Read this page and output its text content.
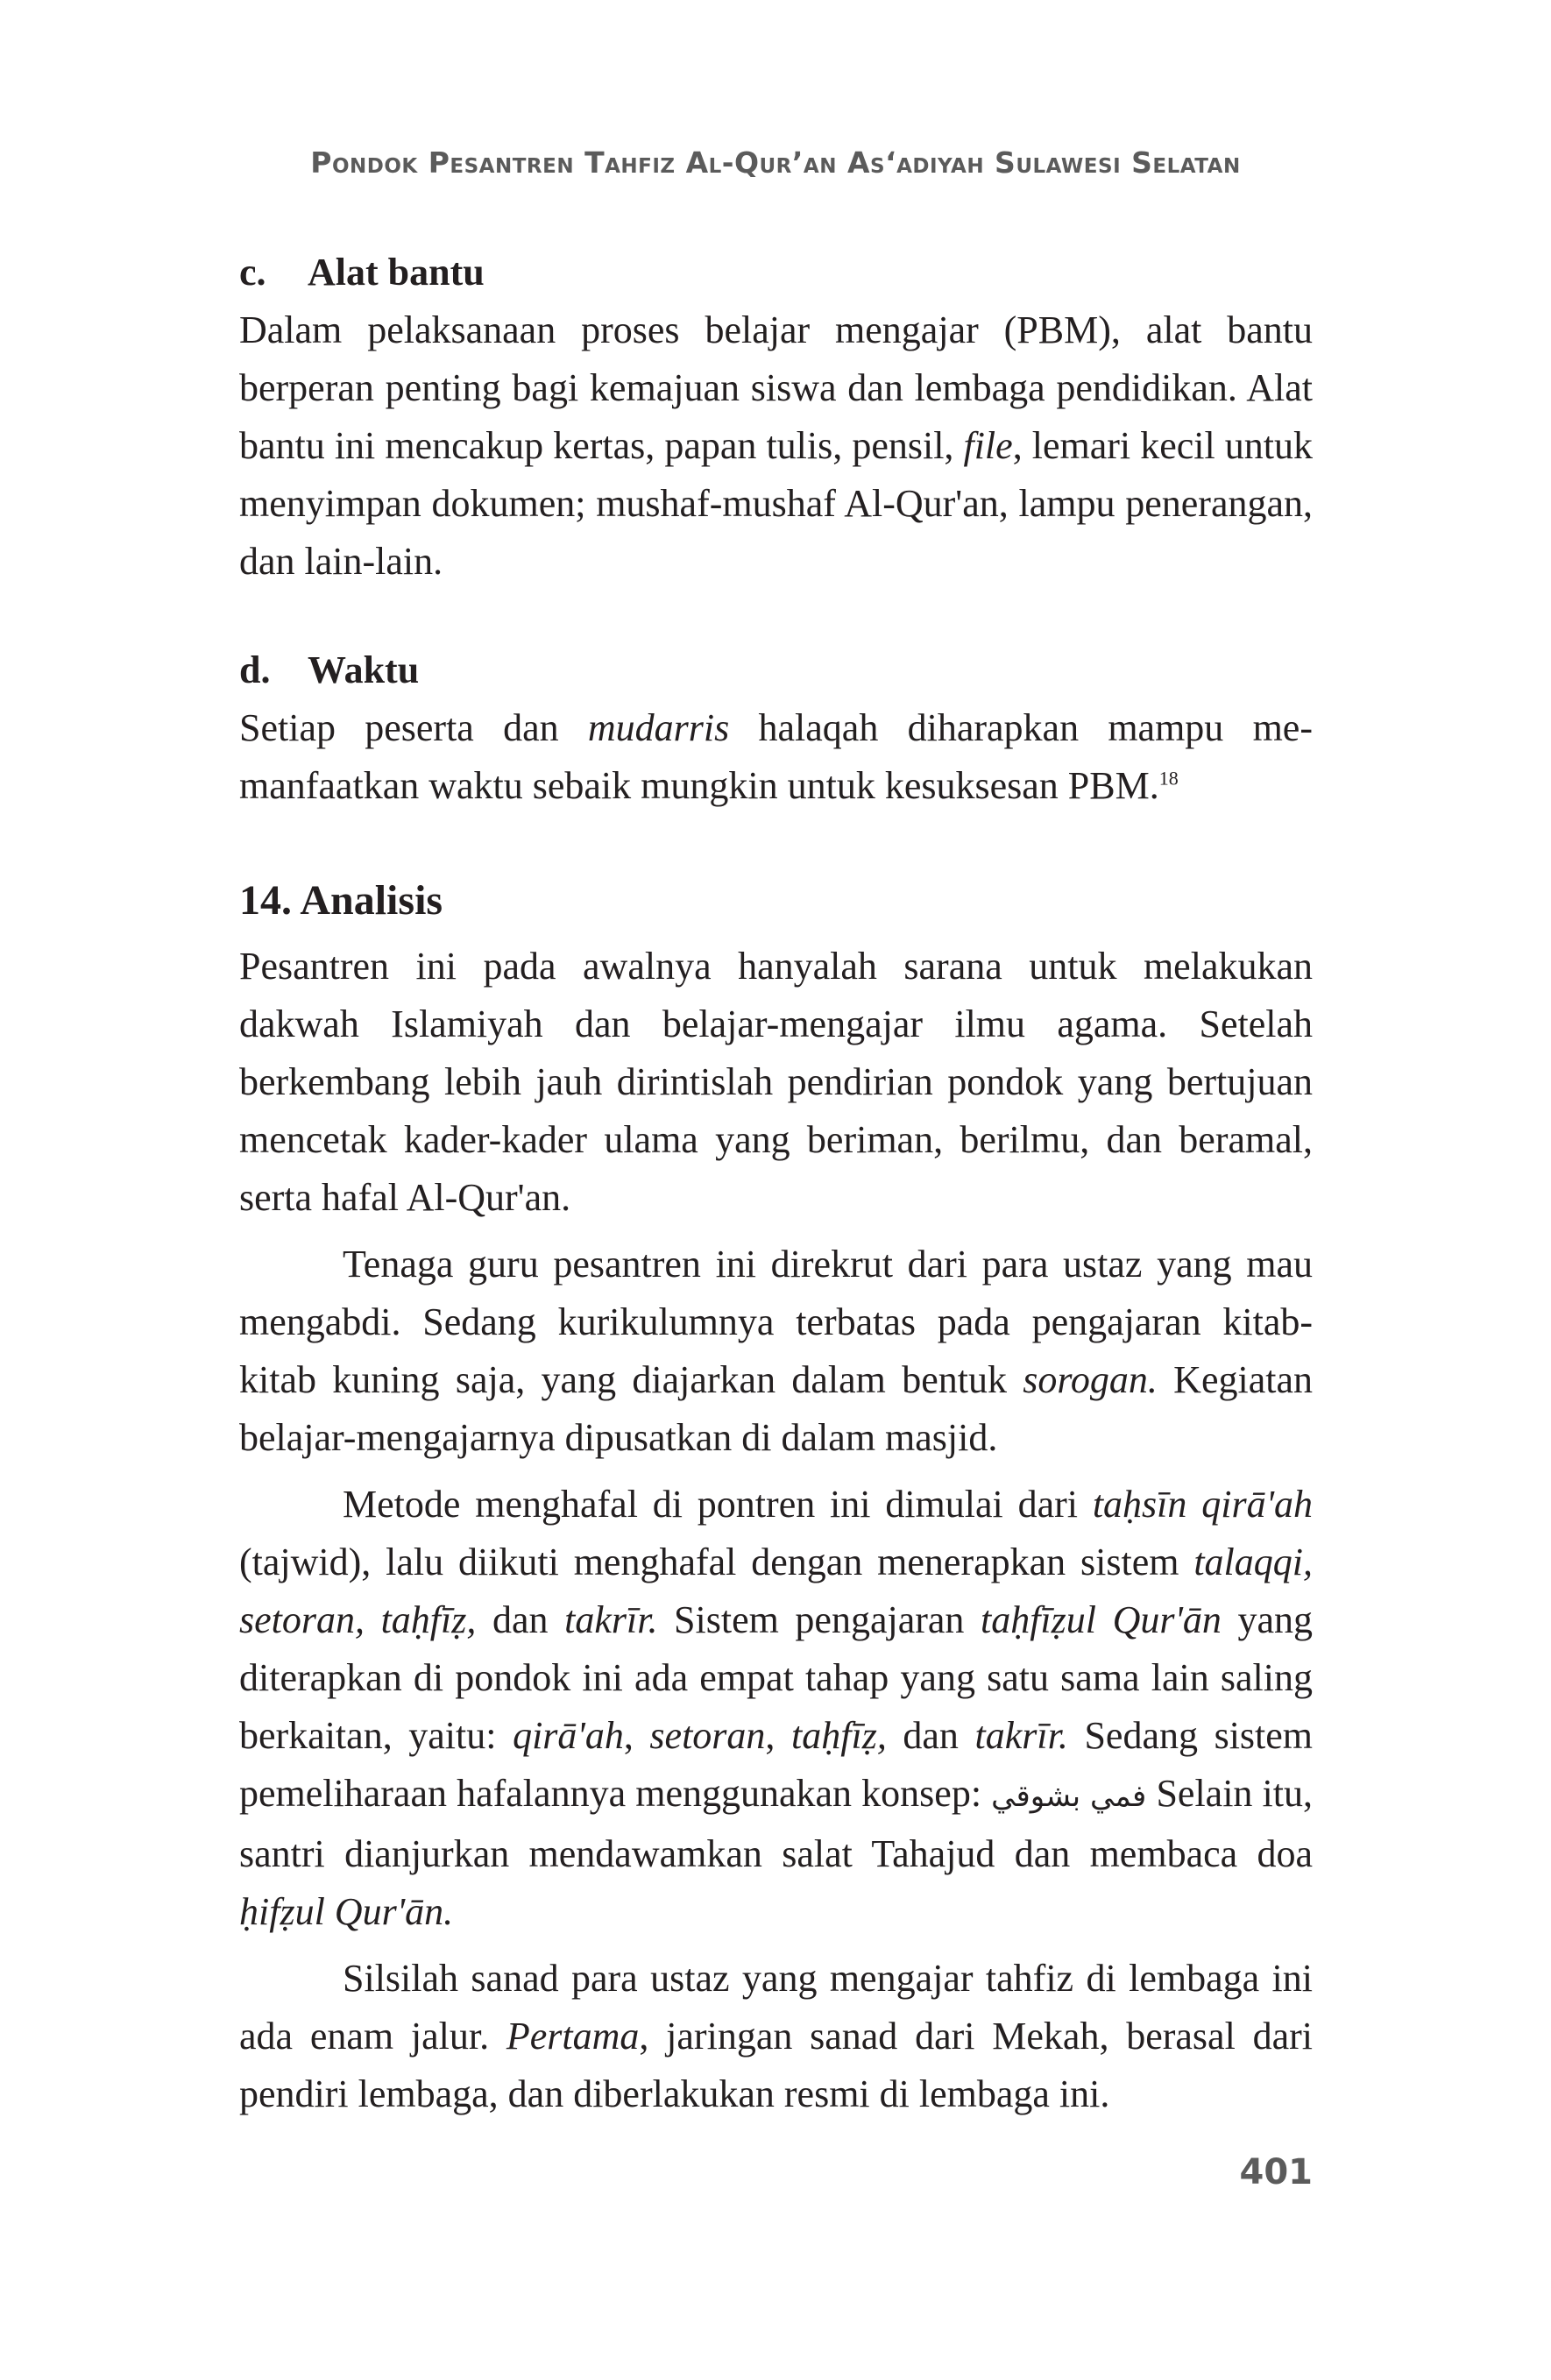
Pondok Pesantren Tahfiz Al-Qur’an As‘adiyah Sulawesi Selatan
c. Alat bantu

Dalam pelaksanaan proses belajar mengajar (PBM), alat bantu berperan penting bagi kemajuan siswa dan lembaga pendidikan. Alat bantu ini mencakup kertas, papan tulis, pensil, file, lemari kecil untuk menyimpan dokumen; mushaf-mushaf Al-Qur'an, lampu penerangan, dan lain-lain.

d. Waktu

Setiap peserta dan mudarris halaqah diharapkan mampu me-manfaatkan waktu sebaik mungkin untuk kesuksesan PBM.$^{18}$

14. Analisis

Pesantren ini pada awalnya hanyalah sarana untuk melakukan dakwah Islamiyah dan belajar-mengajar ilmu agama. Setelah berkembang lebih jauh dirintislah pendirian pondok yang bertujuan mencetak kader-kader ulama yang beriman, berilmu, dan beramal, serta hafal Al-Qur'an.

Tenaga guru pesantren ini direkrut dari para ustaz yang mau mengabdi. Sedang kurikulumnya terbatas pada pengajaran kitab-kitab kuning saja, yang diajarkan dalam bentuk sorogan. Kegiatan belajar-mengajarnya dipusatkan di dalam masjid.

Metode menghafal di pontren ini dimulai dari taḥsīn qirā'ah (tajwid), lalu diikuti menghafal dengan menerapkan sistem talaqqi, setoran, taḥfīẓ, dan takrīr. Sistem pengajaran taḥfīẓul Qur'ān yang diterapkan di pondok ini ada empat tahap yang satu sama lain saling berkaitan, yaitu: qirā'ah, setoran, taḥfīẓ, dan takrīr. Sedang sistem pemeliharaan hafalannya menggunakan konsep: فمي بشوقي Selain itu, santri dianjurkan mendawamkan salat Tahajud dan membaca doa ḥifẓul Qur'ān.

Silsilah sanad para ustaz yang mengajar tahfiz di lembaga ini ada enam jalur. Pertama, jaringan sanad dari Mekah, berasal dari pendiri lembaga, dan diberlakukan resmi di lembaga ini.

401
